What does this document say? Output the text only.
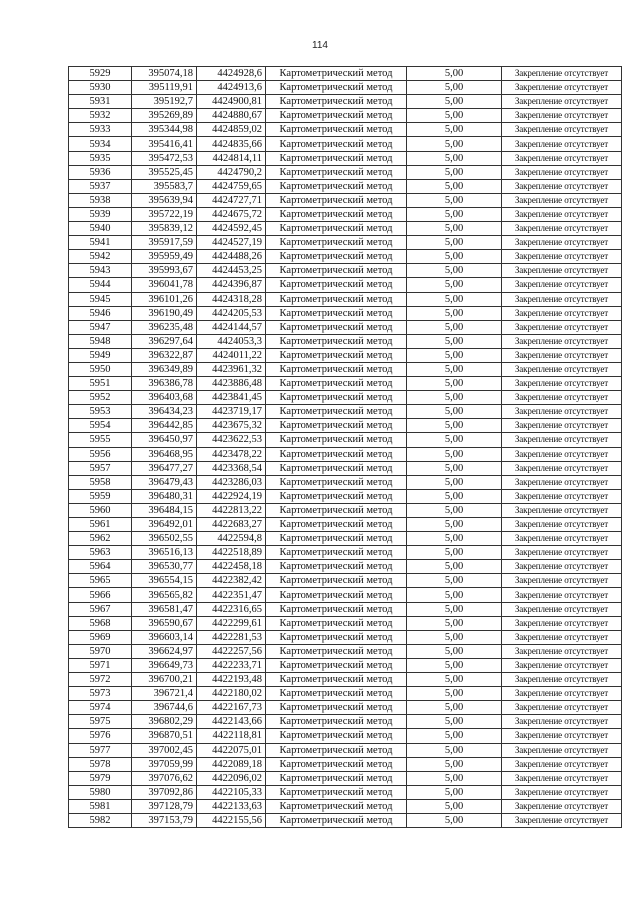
114
5929	395074,18	4424928,6	Картометрический метод	5,00	Закрепление отсутствует
5930	395119,91	4424913,6	Картометрический метод	5,00	Закрепление отсутствует
5931	395192,7	4424900,81	Картометрический метод	5,00	Закрепление отсутствует
5932	395269,89	4424880,67	Картометрический метод	5,00	Закрепление отсутствует
5933	395344,98	4424859,02	Картометрический метод	5,00	Закрепление отсутствует
5934	395416,41	4424835,66	Картометрический метод	5,00	Закрепление отсутствует
5935	395472,53	4424814,11	Картометрический метод	5,00	Закрепление отсутствует
5936	395525,45	4424790,2	Картометрический метод	5,00	Закрепление отсутствует
5937	395583,7	4424759,65	Картометрический метод	5,00	Закрепление отсутствует
5938	395639,94	4424727,71	Картометрический метод	5,00	Закрепление отсутствует
5939	395722,19	4424675,72	Картометрический метод	5,00	Закрепление отсутствует
5940	395839,12	4424592,45	Картометрический метод	5,00	Закрепление отсутствует
5941	395917,59	4424527,19	Картометрический метод	5,00	Закрепление отсутствует
5942	395959,49	4424488,26	Картометрический метод	5,00	Закрепление отсутствует
5943	395993,67	4424453,25	Картометрический метод	5,00	Закрепление отсутствует
5944	396041,78	4424396,87	Картометрический метод	5,00	Закрепление отсутствует
5945	396101,26	4424318,28	Картометрический метод	5,00	Закрепление отсутствует
5946	396190,49	4424205,53	Картометрический метод	5,00	Закрепление отсутствует
5947	396235,48	4424144,57	Картометрический метод	5,00	Закрепление отсутствует
5948	396297,64	4424053,3	Картометрический метод	5,00	Закрепление отсутствует
5949	396322,87	4424011,22	Картометрический метод	5,00	Закрепление отсутствует
5950	396349,89	4423961,32	Картометрический метод	5,00	Закрепление отсутствует
5951	396386,78	4423886,48	Картометрический метод	5,00	Закрепление отсутствует
5952	396403,68	4423841,45	Картометрический метод	5,00	Закрепление отсутствует
5953	396434,23	4423719,17	Картометрический метод	5,00	Закрепление отсутствует
5954	396442,85	4423675,32	Картометрический метод	5,00	Закрепление отсутствует
5955	396450,97	4423622,53	Картометрический метод	5,00	Закрепление отсутствует
5956	396468,95	4423478,22	Картометрический метод	5,00	Закрепление отсутствует
5957	396477,27	4423368,54	Картометрический метод	5,00	Закрепление отсутствует
5958	396479,43	4423286,03	Картометрический метод	5,00	Закрепление отсутствует
5959	396480,31	4422924,19	Картометрический метод	5,00	Закрепление отсутствует
5960	396484,15	4422813,22	Картометрический метод	5,00	Закрепление отсутствует
5961	396492,01	4422683,27	Картометрический метод	5,00	Закрепление отсутствует
5962	396502,55	4422594,8	Картометрический метод	5,00	Закрепление отсутствует
5963	396516,13	4422518,89	Картометрический метод	5,00	Закрепление отсутствует
5964	396530,77	4422458,18	Картометрический метод	5,00	Закрепление отсутствует
5965	396554,15	4422382,42	Картометрический метод	5,00	Закрепление отсутствует
5966	396565,82	4422351,47	Картометрический метод	5,00	Закрепление отсутствует
5967	396581,47	4422316,65	Картометрический метод	5,00	Закрепление отсутствует
5968	396590,67	4422299,61	Картометрический метод	5,00	Закрепление отсутствует
5969	396603,14	4422281,53	Картометрический метод	5,00	Закрепление отсутствует
5970	396624,97	4422257,56	Картометрический метод	5,00	Закрепление отсутствует
5971	396649,73	4422233,71	Картометрический метод	5,00	Закрепление отсутствует
5972	396700,21	4422193,48	Картометрический метод	5,00	Закрепление отсутствует
5973	396721,4	4422180,02	Картометрический метод	5,00	Закрепление отсутствует
5974	396744,6	4422167,73	Картометрический метод	5,00	Закрепление отсутствует
5975	396802,29	4422143,66	Картометрический метод	5,00	Закрепление отсутствует
5976	396870,51	4422118,81	Картометрический метод	5,00	Закрепление отсутствует
5977	397002,45	4422075,01	Картометрический метод	5,00	Закрепление отсутствует
5978	397059,99	4422089,18	Картометрический метод	5,00	Закрепление отсутствует
5979	397076,62	4422096,02	Картометрический метод	5,00	Закрепление отсутствует
5980	397092,86	4422105,33	Картометрический метод	5,00	Закрепление отсутствует
5981	397128,79	4422133,63	Картометрический метод	5,00	Закрепление отсутствует
5982	397153,79	4422155,56	Картометрический метод	5,00	Закрепление отсутствует
